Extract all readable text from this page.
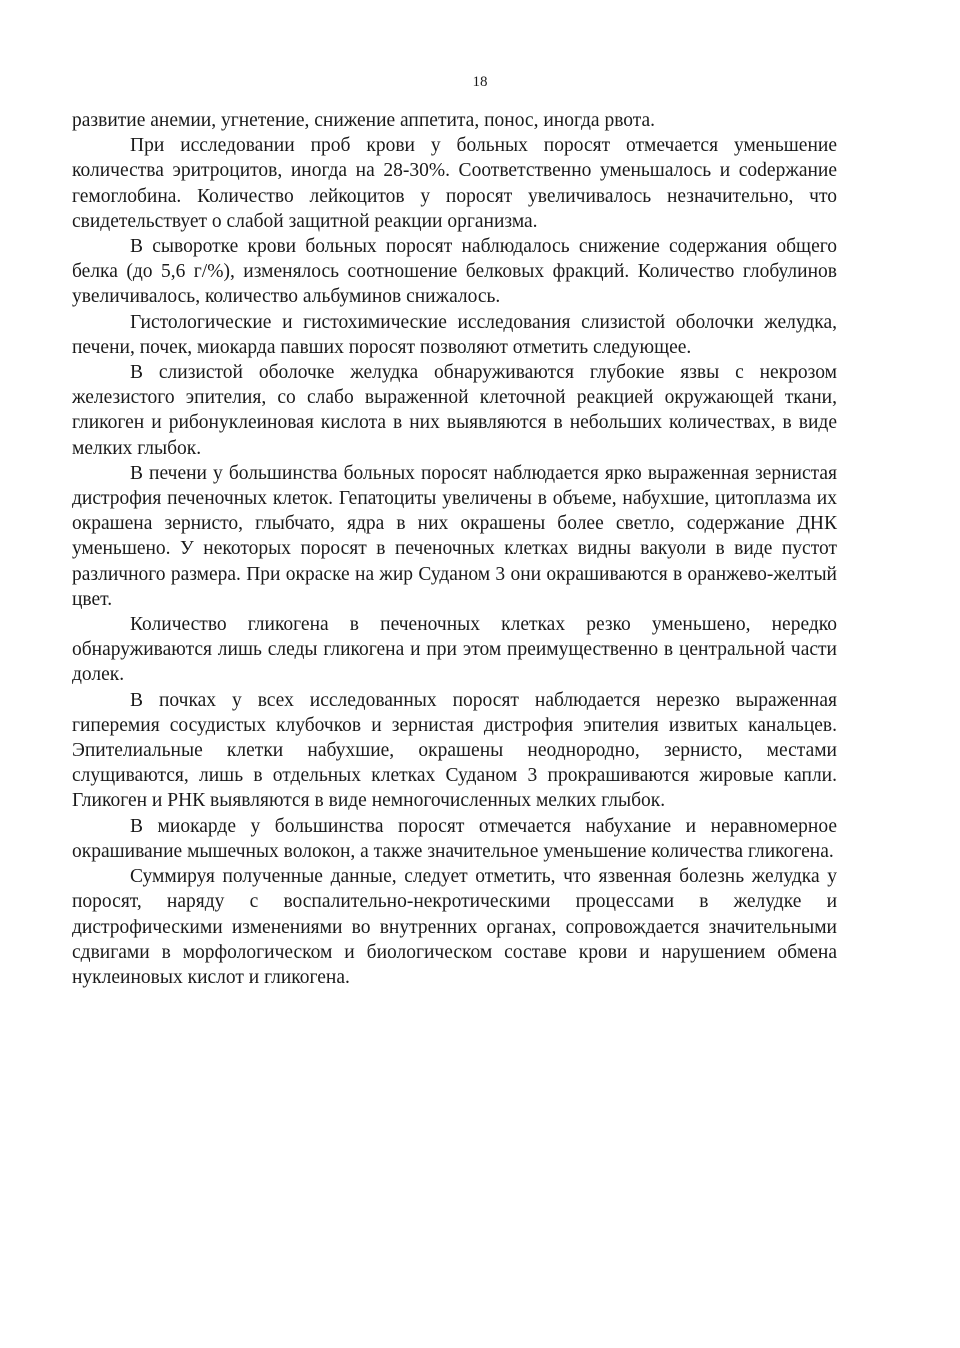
18

развитие анемии, угнетение, снижение аппетита, понос, иногда рвота.

При исследовании проб крови у больных поросят отмечается уменьшение количества эритроцитов, иногда на 28-30%. Соответственно уменьшалось и соdержание гемоглобина. Количество лейкоцитов у поросят увеличивалось незначительно, что свидетельствует о слабой защитной реакции организма.

В сыворотке крови больных поросят наблюдалось снижение содержания общего белка (до 5,6 г/%), изменялось соотношение белковых фракций. Количество глобулинов увеличивалось, количество альбуминов снижалось.

Гистологические и гистохимические исследования слизистой оболочки желудка, печени, почек, миокарда павших поросят позволяют отметить следующее.

В слизистой оболочке желудка обнаруживаются глубокие язвы с некрозом железистого эпителия, со слабо выраженной клеточной реакцией окружающей ткани, гликоген и рибонуклеиновая кислота в них выявляются в небольших количествах, в виде мелких глыбок.

В печени у большинства больных поросят наблюдается ярко выраженная зернистая дистрофия печеночных клеток. Гепатоциты увеличены в объеме, набухшие, цитоплазма их окрашена зернисто, глыбчато, ядра в них окрашены более светло, содержание ДНК уменьшено. У некоторых поросят в печеночных клетках видны вакуоли в виде пустот различного размера. При окраске на жир Суданом 3 они окрашиваются в оранжево-желтый цвет.

Количество гликогена в печеночных клетках резко уменьшено, нередко обнаруживаются лишь следы гликогена и при этом преимущественно в центральной части долек.

В почках у всех исследованных поросят наблюдается нерезко выраженная гиперемия сосудистых клубочков и зернистая дистрофия эпителия извитых канальцев. Эпителиальные клетки набухшие, окрашены неоднородно, зернисто, местами слущиваются, лишь в отдельных клетках Суданом 3 прокрашиваются жировые капли. Гликоген и РНК выявляются в виде немногочисленных мелких глыбок.

В миокарде у большинства поросят отмечается набухание и неравномерное окрашивание мышечных волокон, а также значительное уменьшение количества гликогена.

Суммируя полученные данные, следует отметить, что язвенная болезнь желудка у поросят, наряду с воспалительно-некротическими процессами в желудке и дистрофическими изменениями во внутренних органах, сопровождается значительными сдвигами в морфологическом и биологическом составе крови и нарушением обмена нуклеиновых кислот и гликогена.
